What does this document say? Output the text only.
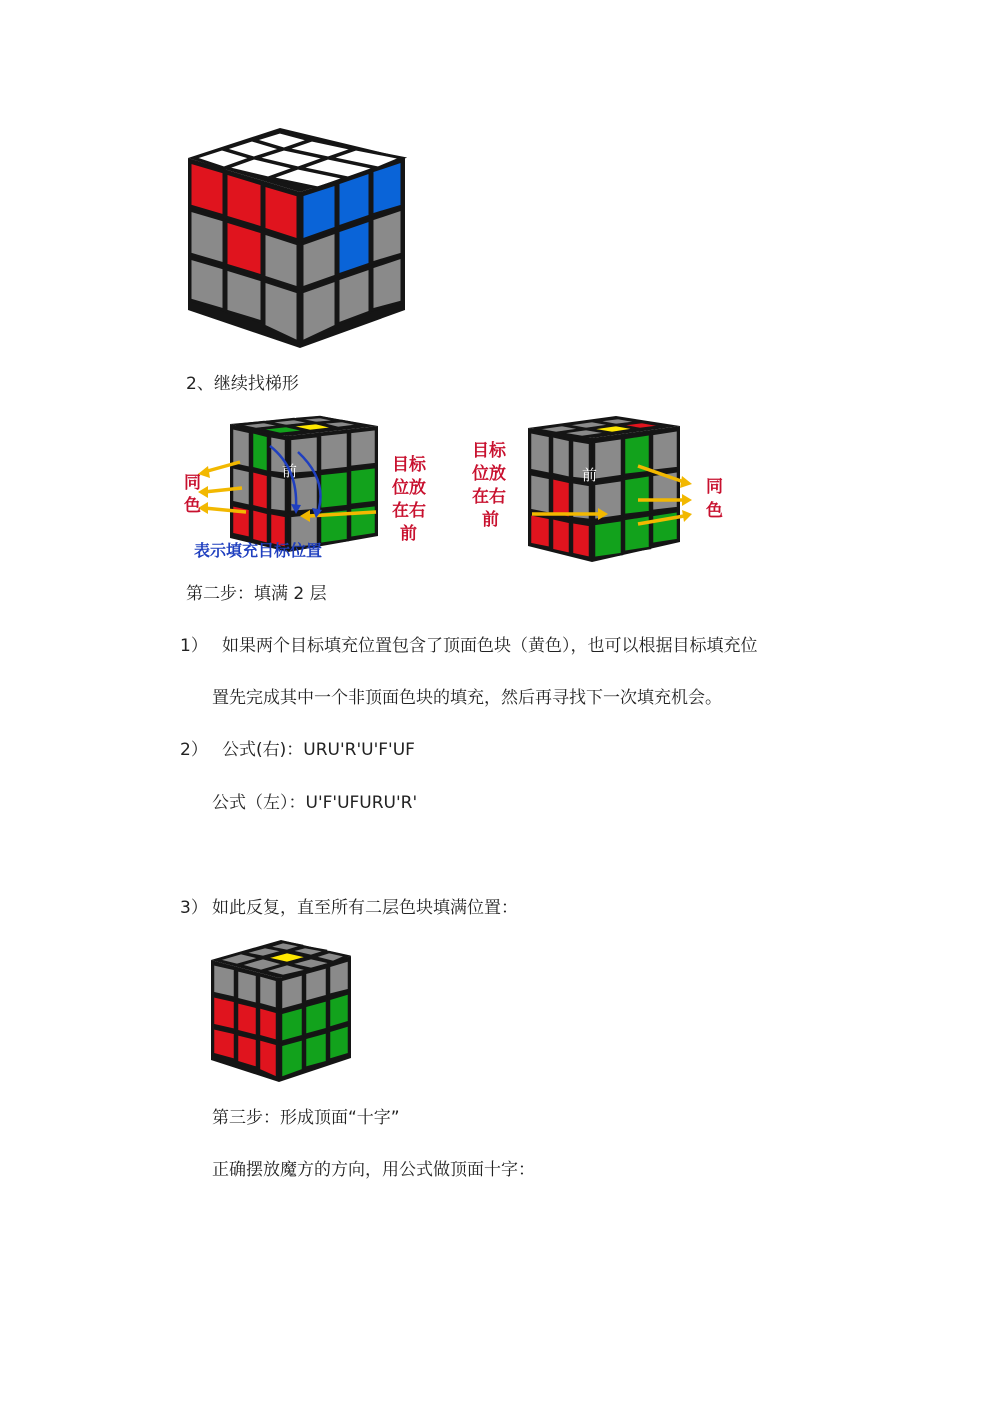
2、继续找梯形
前
同
色
目标
位放
在右
前
表示填充目标位置
前
目标
位放
在右
前
同
色
第二步：填满 2 层
1） 如果两个目标填充位置包含了顶面色块（黄色），也可以根据目标填充位
置先完成其中一个非顶面色块的填充，然后再寻找下一次填充机会。
2） 公式(右)：URU'R'U'F'UF
公式（左）：U'F'UFURU'R'
3） 如此反复，直至所有二层色块填满位置：
第三步：形成顶面“十字”
正确摆放魔方的方向，用公式做顶面十字：
